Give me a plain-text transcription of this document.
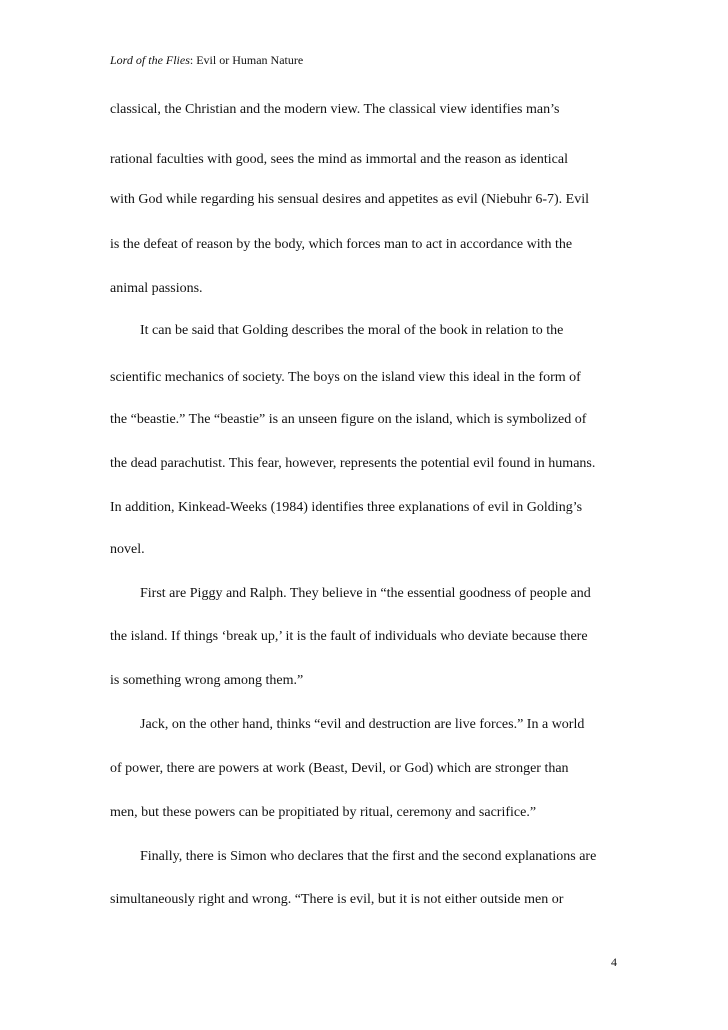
Lord of the Flies: Evil or Human Nature
classical, the Christian and the modern view. The classical view identifies man’s
rational faculties with good, sees the mind as immortal and the reason as identical
with God while regarding his sensual desires and appetites as evil (Niebuhr 6-7). Evil
is the defeat of reason by the body, which forces man to act in accordance with the
animal passions.
It can be said that Golding describes the moral of the book in relation to the
scientific mechanics of society. The boys on the island view this ideal in the form of
the “beastie.” The “beastie” is an unseen figure on the island, which is symbolized of
the dead parachutist. This fear, however, represents the potential evil found in humans.
In addition, Kinkead-Weeks (1984) identifies three explanations of evil in Golding’s
novel.
First are Piggy and Ralph. They believe in “the essential goodness of people and
the island. If things ‘break up,’ it is the fault of individuals who deviate because there
is something wrong among them.”
Jack, on the other hand, thinks “evil and destruction are live forces.” In a world
of power, there are powers at work (Beast, Devil, or God) which are stronger than
men, but these powers can be propitiated by ritual, ceremony and sacrifice.”
Finally, there is Simon who declares that the first and the second explanations are
simultaneously right and wrong. “There is evil, but it is not either outside men or
4
